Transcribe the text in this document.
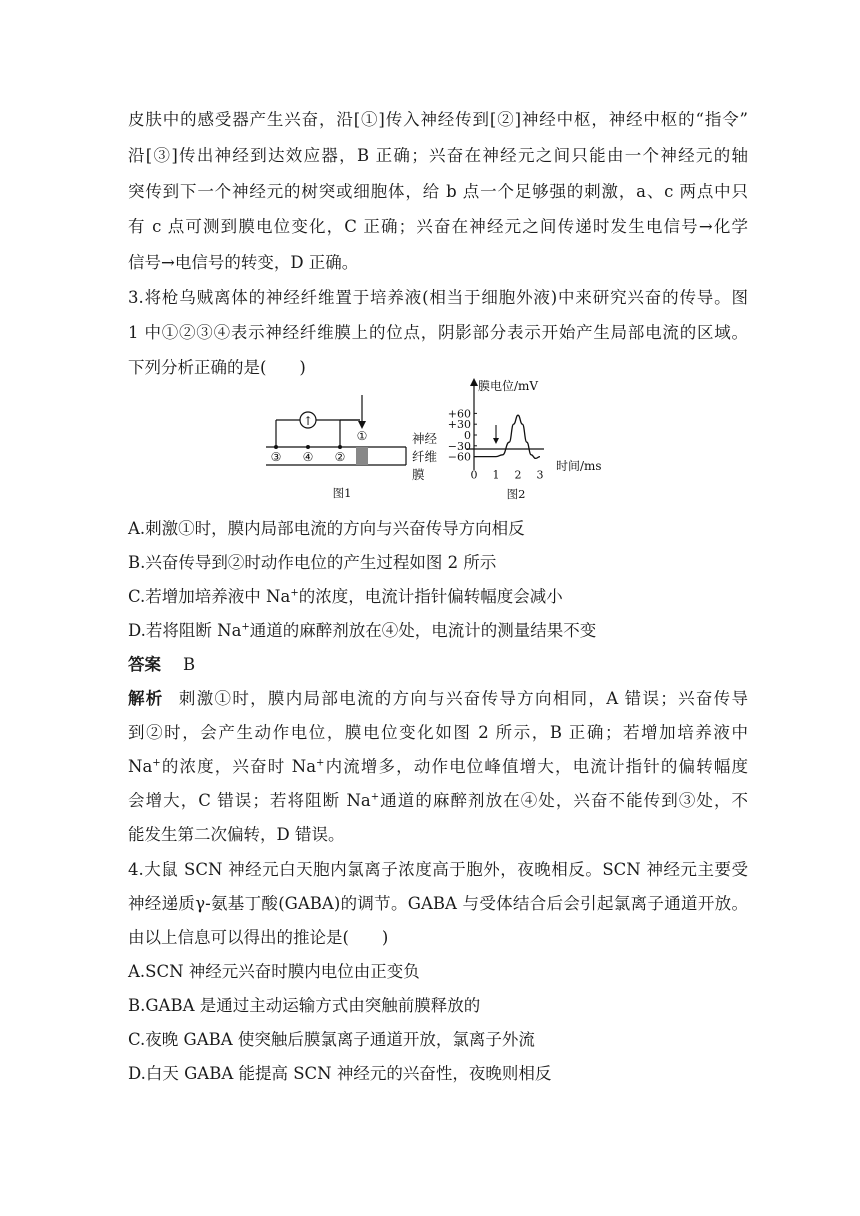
皮肤中的感受器产生兴奋，沿[①]传入神经传到[②]神经中枢，神经中枢的“指令”
沿[③]传出神经到达效应器，B 正确；兴奋在神经元之间只能由一个神经元的轴
突传到下一个神经元的树突或细胞体，给 b 点一个足够强的刺激，a、c 两点中只
有 c 点可测到膜电位变化，C 正确；兴奋在神经元之间传递时发生电信号→化学
信号→电信号的转变，D 正确。
3.将枪乌贼离体的神经纤维置于培养液(相当于细胞外液)中来研究兴奋的传导。图
1 中①②③④表示神经纤维膜上的位点，阴影部分表示开始产生局部电流的区域。
下列分析正确的是(　　)
↑
③ ④ ②
①	神经
纤维
膜
图1
膜电位/mV
+60
+30
0
−30
−60
0 1 2 3
时间/ms
图2
A.刺激①时，膜内局部电流的方向与兴奋传导方向相反
B.兴奋传导到②时动作电位的产生过程如图 2 所示
C.若增加培养液中 Na+的浓度，电流计指针偏转幅度会减小
D.若将阻断 Na+通道的麻醉剂放在④处，电流计的测量结果不变
答案 B
解析 刺激①时，膜内局部电流的方向与兴奋传导方向相同，A 错误；兴奋传导
到②时，会产生动作电位，膜电位变化如图 2 所示，B 正确；若增加培养液中
Na+的浓度，兴奋时 Na+内流增多，动作电位峰值增大，电流计指针的偏转幅度
会增大，C 错误；若将阻断 Na+通道的麻醉剂放在④处，兴奋不能传到③处，不
能发生第二次偏转，D 错误。
4.大鼠 SCN 神经元白天胞内氯离子浓度高于胞外，夜晚相反。SCN 神经元主要受
神经递质γ-氨基丁酸(GABA)的调节。GABA 与受体结合后会引起氯离子通道开放。
由以上信息可以得出的推论是(　　)
A.SCN 神经元兴奋时膜内电位由正变负
B.GABA 是通过主动运输方式由突触前膜释放的
C.夜晚 GABA 使突触后膜氯离子通道开放，氯离子外流
D.白天 GABA 能提高 SCN 神经元的兴奋性，夜晚则相反
